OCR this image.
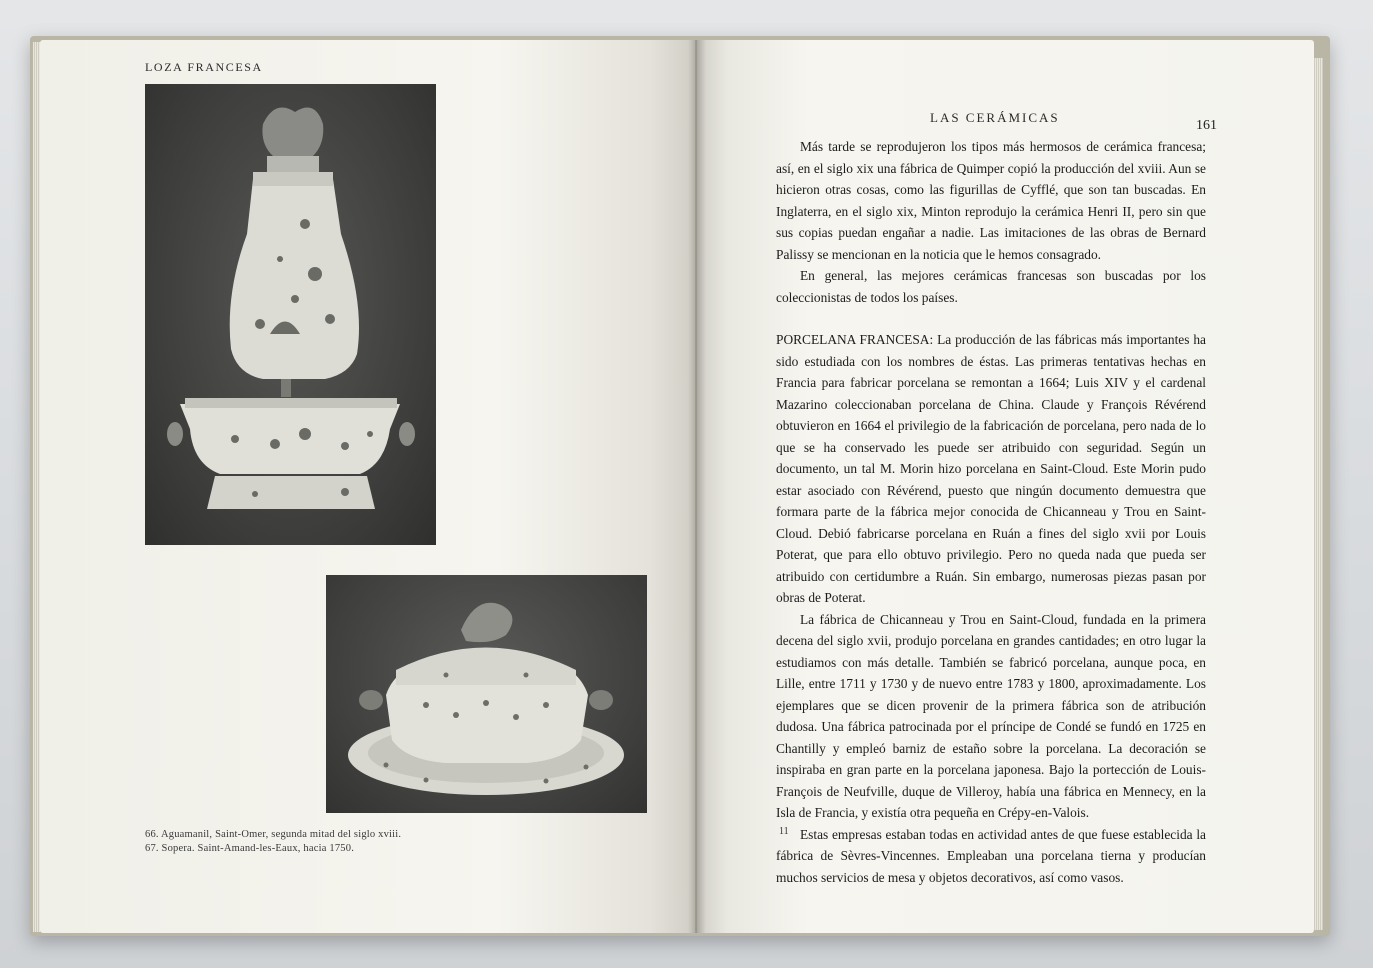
LOZA FRANCESA
66. Aguamanil, Saint-Omer, segunda mitad del siglo xviii.
67. Sopera. Saint-Amand-les-Eaux, hacia 1750.
LAS CERÁMICAS
161

Más tarde se reprodujeron los tipos más hermosos de cerámica francesa; así, en el siglo xix una fábrica de Quimper copió la producción del xviii. Aun se hicieron otras cosas, como las figurillas de Cyfflé, que son tan buscadas. En Inglaterra, en el siglo xix, Minton reprodujo la cerámica Henri II, pero sin que sus copias puedan engañar a nadie. Las imitaciones de las obras de Bernard Palissy se mencionan en la noticia que le hemos consagrado.

En general, las mejores cerámicas francesas son buscadas por los coleccionistas de todos los países.

PORCELANA FRANCESA: La producción de las fábricas más importantes ha sido estudiada con los nombres de éstas. Las primeras tentativas hechas en Francia para fabricar porcelana se remontan a 1664; Luis XIV y el cardenal Mazarino coleccionaban porcelana de China. Claude y François Révérend obtuvieron en 1664 el privilegio de la fabricación de porcelana, pero nada de lo que se ha conservado les puede ser atribuido con seguridad. Según un documento, un tal M. Morin hizo porcelana en Saint-Cloud. Este Morin pudo estar asociado con Révérend, puesto que ningún documento demuestra que formara parte de la fábrica mejor conocida de Chicanneau y Trou en Saint-Cloud. Debió fabricarse porcelana en Ruán a fines del siglo xvii por Louis Poterat, que para ello obtuvo privilegio. Pero no queda nada que pueda ser atribuido con certidumbre a Ruán. Sin embargo, numerosas piezas pasan por obras de Poterat.

La fábrica de Chicanneau y Trou en Saint-Cloud, fundada en la primera decena del siglo xvii, produjo porcelana en grandes cantidades; en otro lugar la estudiamos con más detalle. También se fabricó porcelana, aunque poca, en Lille, entre 1711 y 1730 y de nuevo entre 1783 y 1800, aproximadamente. Los ejemplares que se dicen provenir de la primera fábrica son de atribución dudosa. Una fábrica patrocinada por el príncipe de Condé se fundó en 1725 en Chantilly y empleó barniz de estaño sobre la porcelana. La decoración se inspiraba en gran parte en la porcelana japonesa. Bajo la portección de Louis-François de Neufville, duque de Villeroy, había una fábrica en Mennecy, en la Isla de Francia, y existía otra pequeña en Crépy-en-Valois.

Estas empresas estaban todas en actividad antes de que fuese establecida la fábrica de Sèvres-Vincennes. Empleaban una porcelana tierna y producían muchos servicios de mesa y objetos decorativos, así como vasos.

11
